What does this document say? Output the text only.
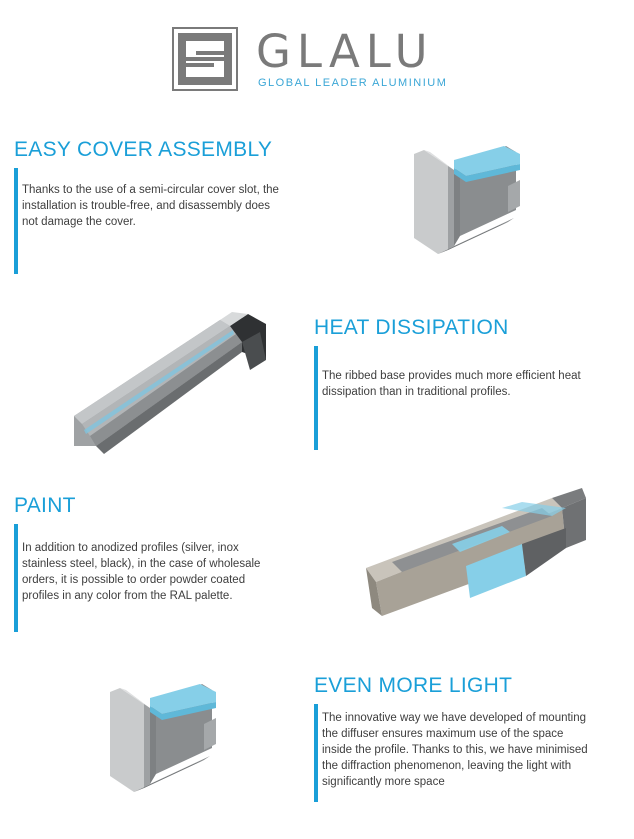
GLALU
GLOBAL LEADER ALUMINIUM
EASY COVER ASSEMBLY
Thanks to the use of a semi-circular cover slot, the installation is trouble-free, and disassembly does not damage the cover.
HEAT DISSIPATION
The ribbed base provides much more efficient heat dissipation than in traditional profiles.
PAINT
In addition to anodized profiles (silver, inox stainless steel, black), in the case of wholesale orders, it is possible to order powder coated profiles in any color from the RAL palette.
EVEN MORE LIGHT
The innovative way we have developed of mounting the diffuser ensures maximum use of the space inside the profile. Thanks to this, we have minimised the diffraction phenomenon, leaving the light with significantly more space
